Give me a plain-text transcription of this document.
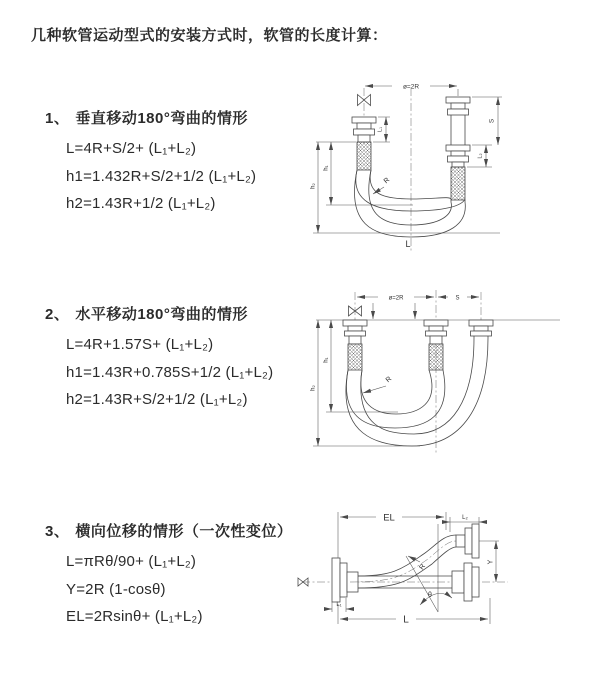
几种软管运动型式的安装方式时，软管的长度计算：
1、 垂直移动180°弯曲的情形
L=4R+S/2+ (L₁+L₂)
h1=1.432R+S/2+1/2 (L₁+L₂)
h2=1.43R+1/2 (L₁+L₂)
2、 水平移动180°弯曲的情形
L=4R+1.57S+ (L₁+L₂)
h1=1.43R+0.785S+1/2 (L₁+L₂)
h2=1.43R+S/2+1/2 (L₁+L₂)
3、 横向位移的情形（一次性变位）
L=πRθ/90+ (L₁+L₂)
Y=2R (1-cosθ)
EL=2Rsinθ+ (L₁+L₂)
ø=2R
S
L₂
L₁
h₁
h₂
R
L
ø=2R	S
h₁
h₂
R
EL	L₂
Y
R
θ
L₁
L
